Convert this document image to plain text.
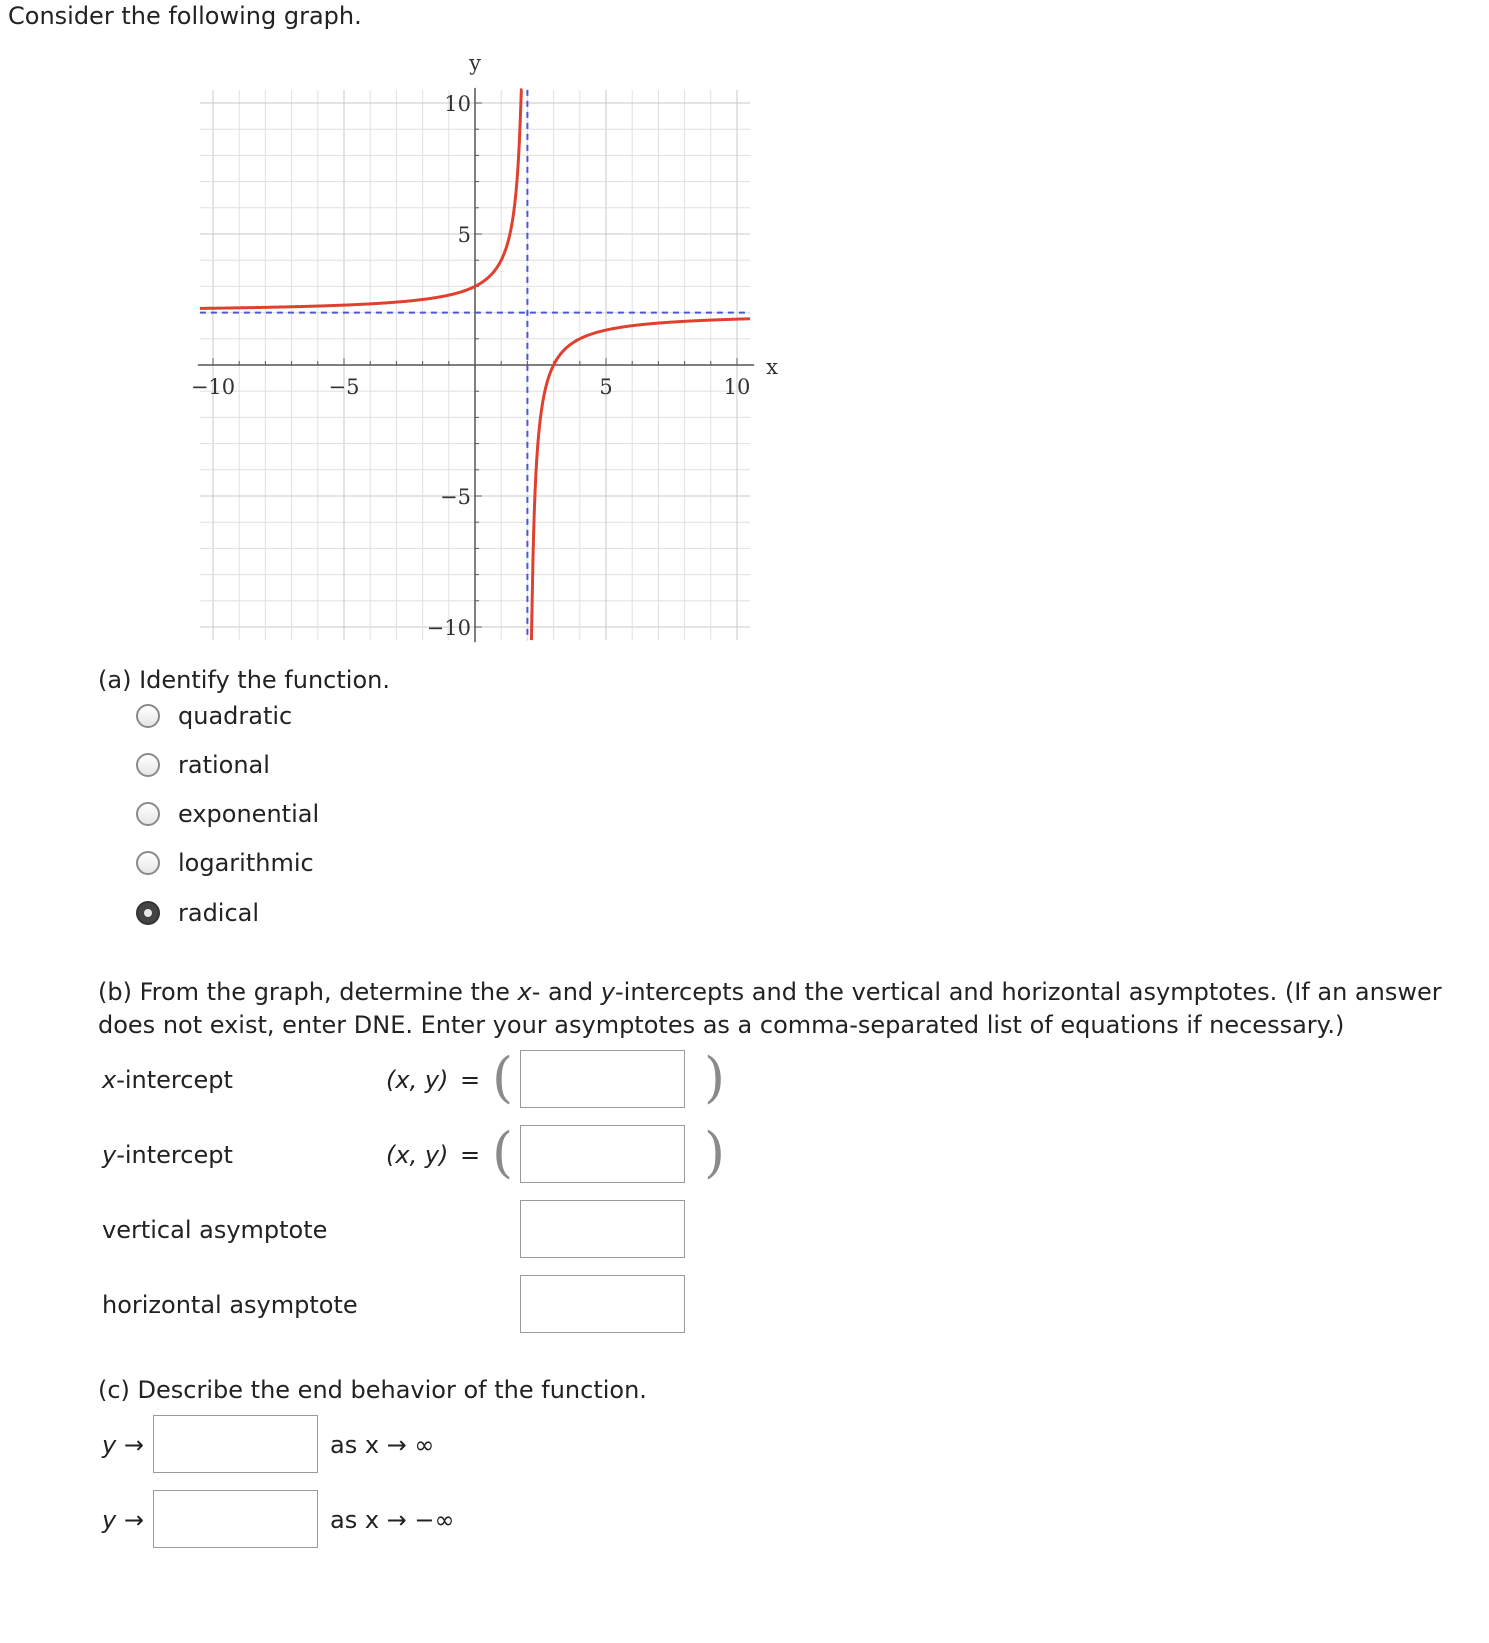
Consider the following graph.
−10	−5	5	10
10
5
−5
−10
x
y
(a) Identify the function.
quadratic
rational
exponential
logarithmic
radical
(b) From the graph, determine the x- and y-intercepts and the vertical and horizontal asymptotes. (If an answer
does not exist, enter DNE. Enter your asymptotes as a comma-separated list of equations if necessary.)
x-intercept	(x, y) = (	)
y-intercept	(x, y) = (	)
vertical asymptote
horizontal asymptote
(c) Describe the end behavior of the function.
y →	as x → ∞
y →	as x → −∞
